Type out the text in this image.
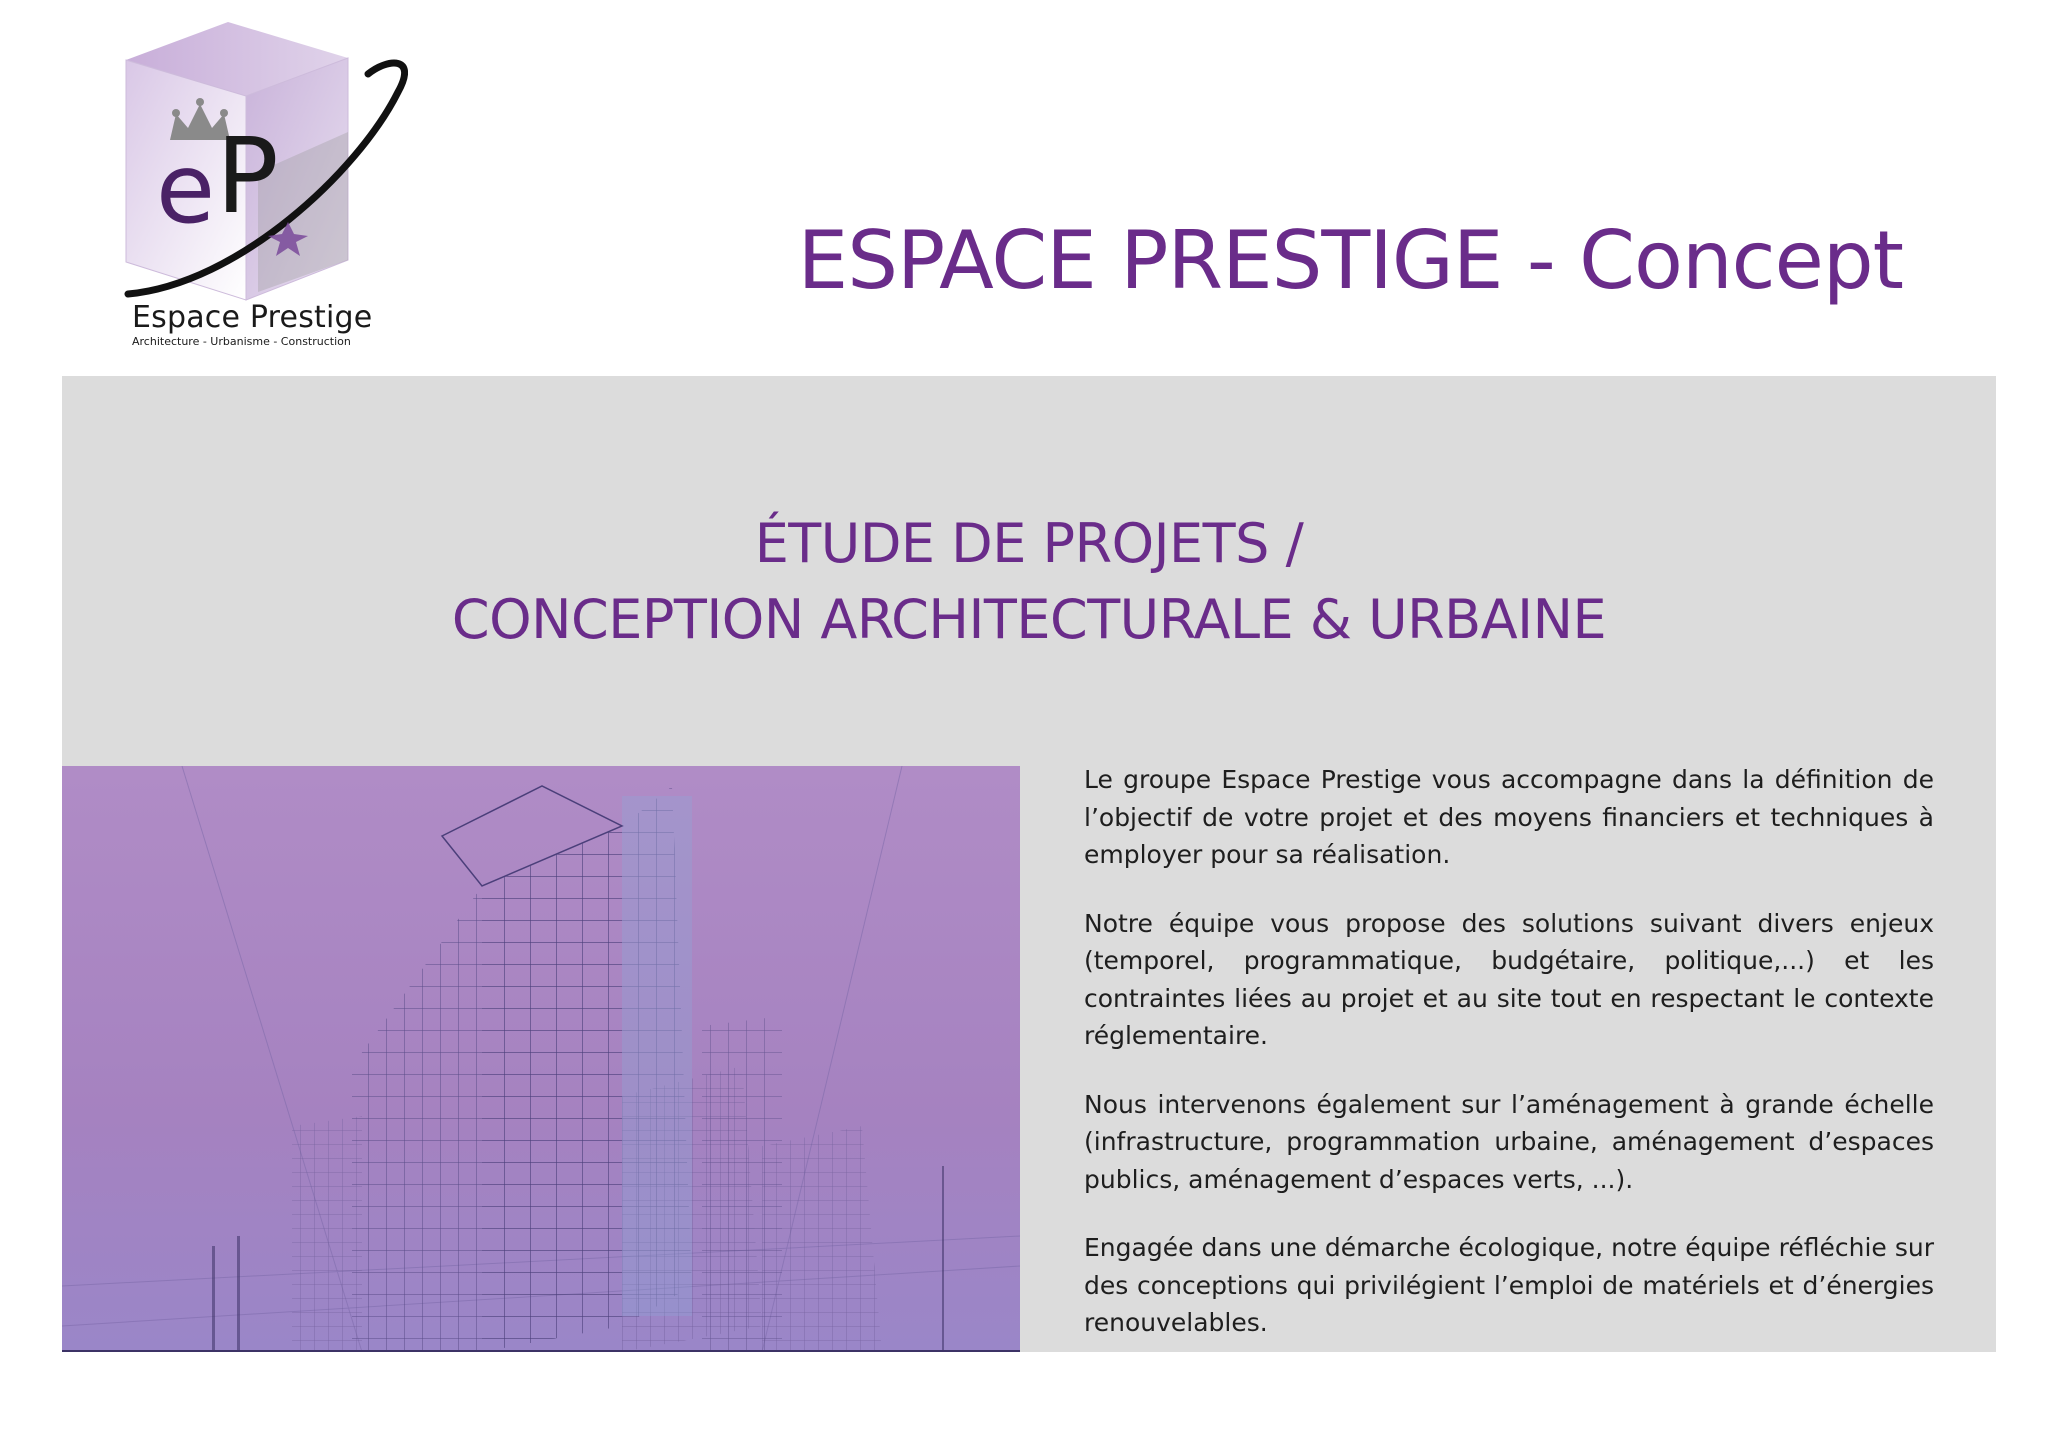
e P
Espace Prestige
Architecture - Urbanisme - Construction
ESPACE PRESTIGE - Concept
ÉTUDE DE PROJETS /
CONCEPTION ARCHITECTURALE & URBAINE

Le groupe Espace Prestige vous accompagne dans la définition de l’objectif de votre projet et des moyens financiers et techniques à employer pour sa réalisation.

Notre équipe vous propose des solutions suivant divers enjeux (temporel, programmatique, budgétaire, politique,...) et les contraintes liées au projet et au site tout en respectant le contexte réglementaire.

Nous intervenons également sur l’aménagement à grande échelle (infrastructure, programmation urbaine, aménagement d’espaces publics, aménagement d’espaces verts, ...).

Engagée dans une démarche écologique, notre équipe réfléchie sur des conceptions qui privilégient l’emploi de matériels et d’énergies renouvelables.
